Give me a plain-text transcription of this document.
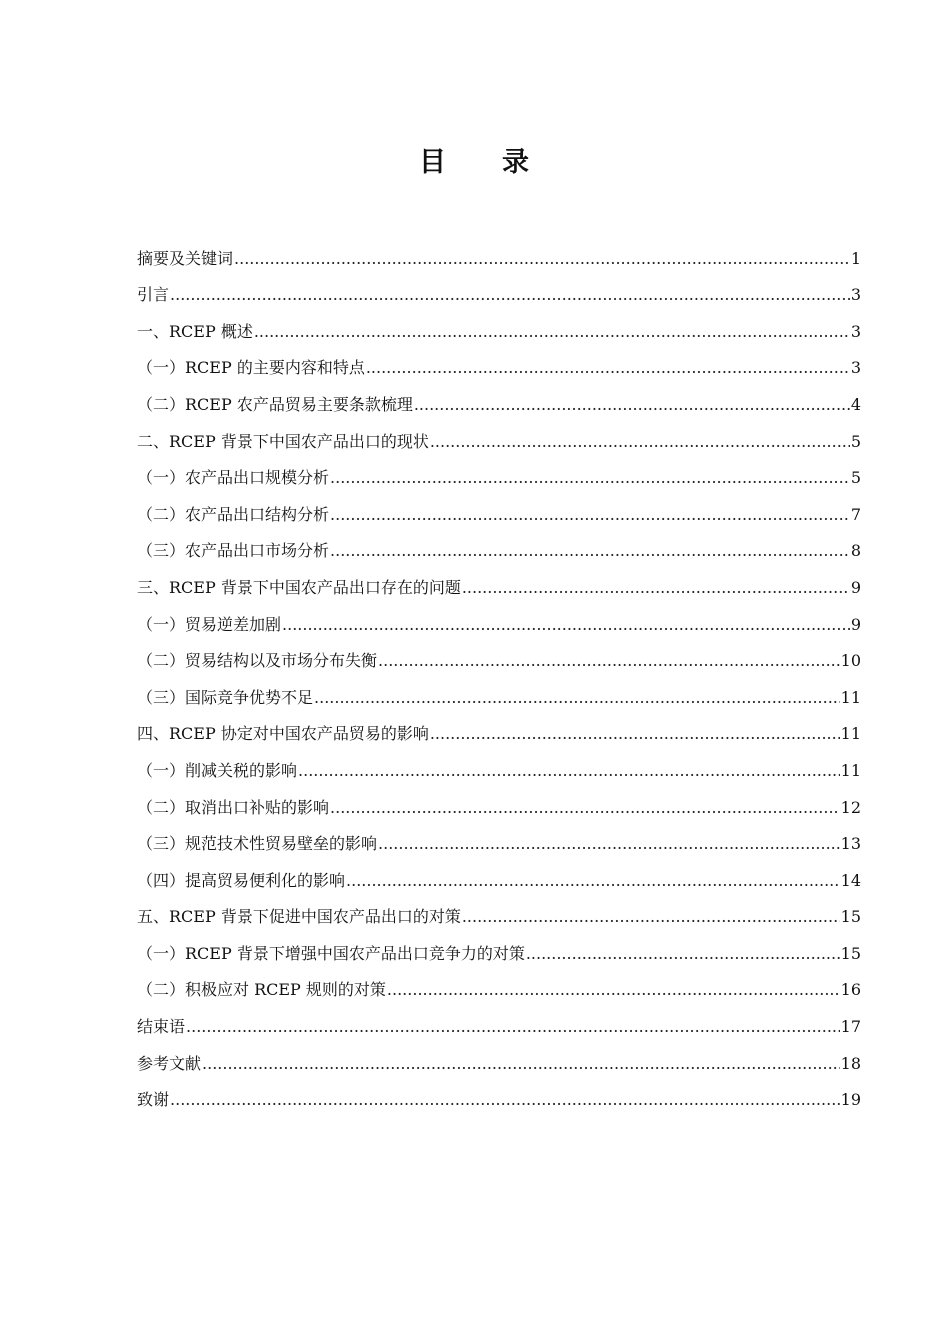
目 录
摘要及关键词 .....	1
引言 .....	3
一、RCEP 概述 .....	3
（一）RCEP 的主要内容和特点 .....	3
（二）RCEP 农产品贸易主要条款梳理 .....	4
二、RCEP 背景下中国农产品出口的现状 .....	5
（一）农产品出口规模分析 .....	5
（二）农产品出口结构分析 .....	7
（三）农产品出口市场分析 .....	8
三、RCEP 背景下中国农产品出口存在的问题 .....	9
（一）贸易逆差加剧 .....	9
（二）贸易结构以及市场分布失衡 .....	10
（三）国际竞争优势不足 .....	11
四、RCEP 协定对中国农产品贸易的影响 .....	11
（一）削减关税的影响 .....	11
（二）取消出口补贴的影响 .....	12
（三）规范技术性贸易壁垒的影响 .....	13
（四）提高贸易便利化的影响 .....	14
五、RCEP 背景下促进中国农产品出口的对策 .....	15
（一）RCEP 背景下增强中国农产品出口竞争力的对策 .....	15
（二）积极应对 RCEP 规则的对策 .....	16
结束语 .....	17
参考文献 .....	18
致谢 .....	19
